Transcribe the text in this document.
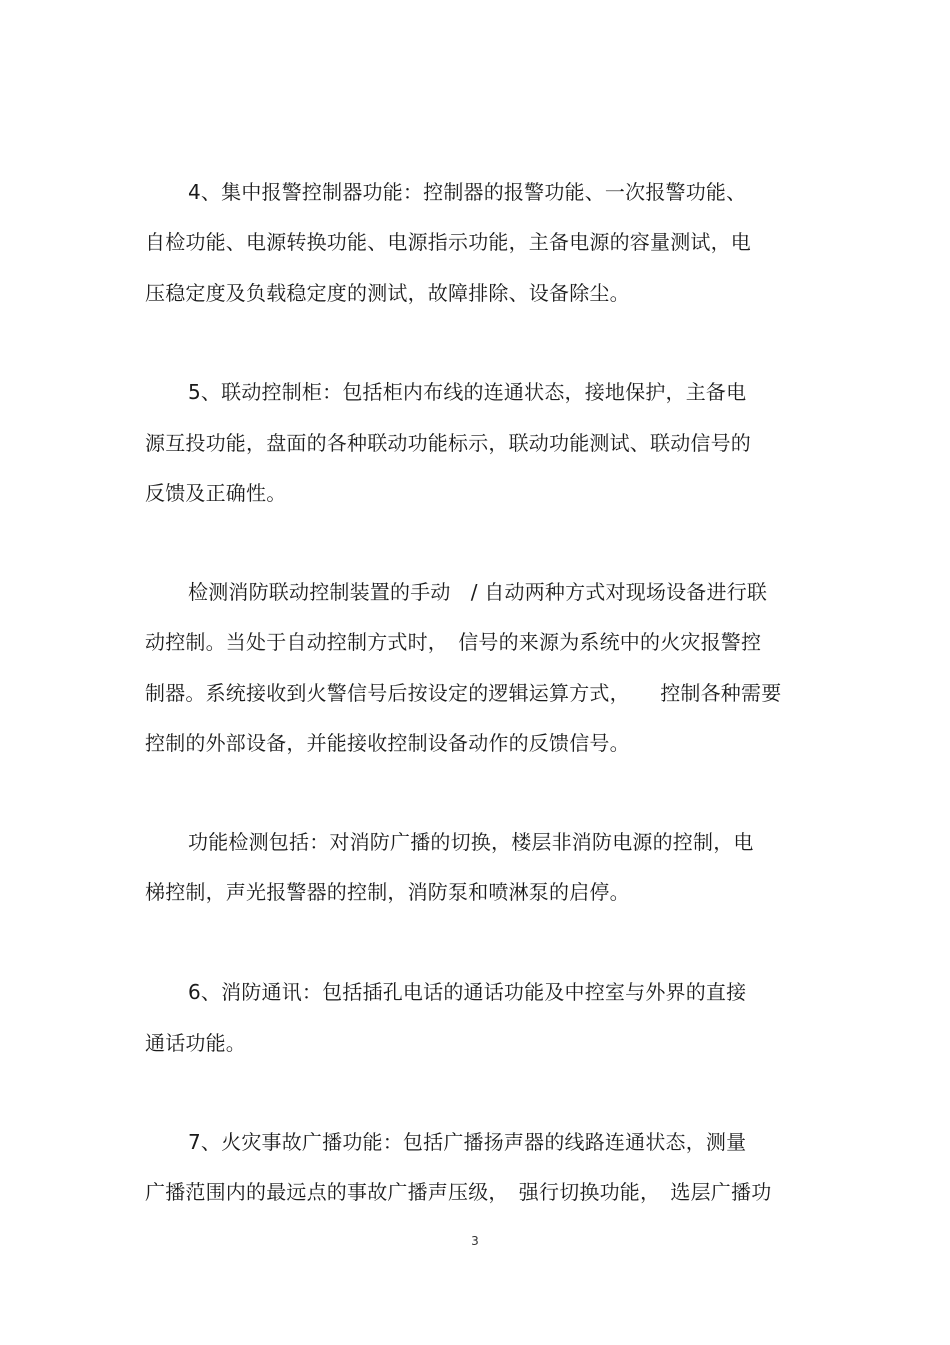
4、集中报警控制器功能：控制器的报警功能、一次报警功能、
自检功能、电源转换功能、电源指示功能，主备电源的容量测试，电
压稳定度及负载稳定度的测试，故障排除、设备除尘。
5、联动控制柜：包括柜内布线的连通状态，接地保护，主备电
源互投功能，盘面的各种联动功能标示，联动功能测试、联动信号的
反馈及正确性。
检测消防联动控制装置的手动　/ 自动两种方式对现场设备进行联
动控制。当处于自动控制方式时，　信号的来源为系统中的火灾报警控
制器。系统接收到火警信号后按设定的逻辑运算方式，　　控制各种需要
控制的外部设备，并能接收控制设备动作的反馈信号。
功能检测包括：对消防广播的切换，楼层非消防电源的控制，电
梯控制，声光报警器的控制，消防泵和喷淋泵的启停。
6、消防通讯：包括插孔电话的通话功能及中控室与外界的直接
通话功能。
7、火灾事故广播功能：包括广播扬声器的线路连通状态，测量
广播范围内的最远点的事故广播声压级，　强行切换功能，　选层广播功
3
